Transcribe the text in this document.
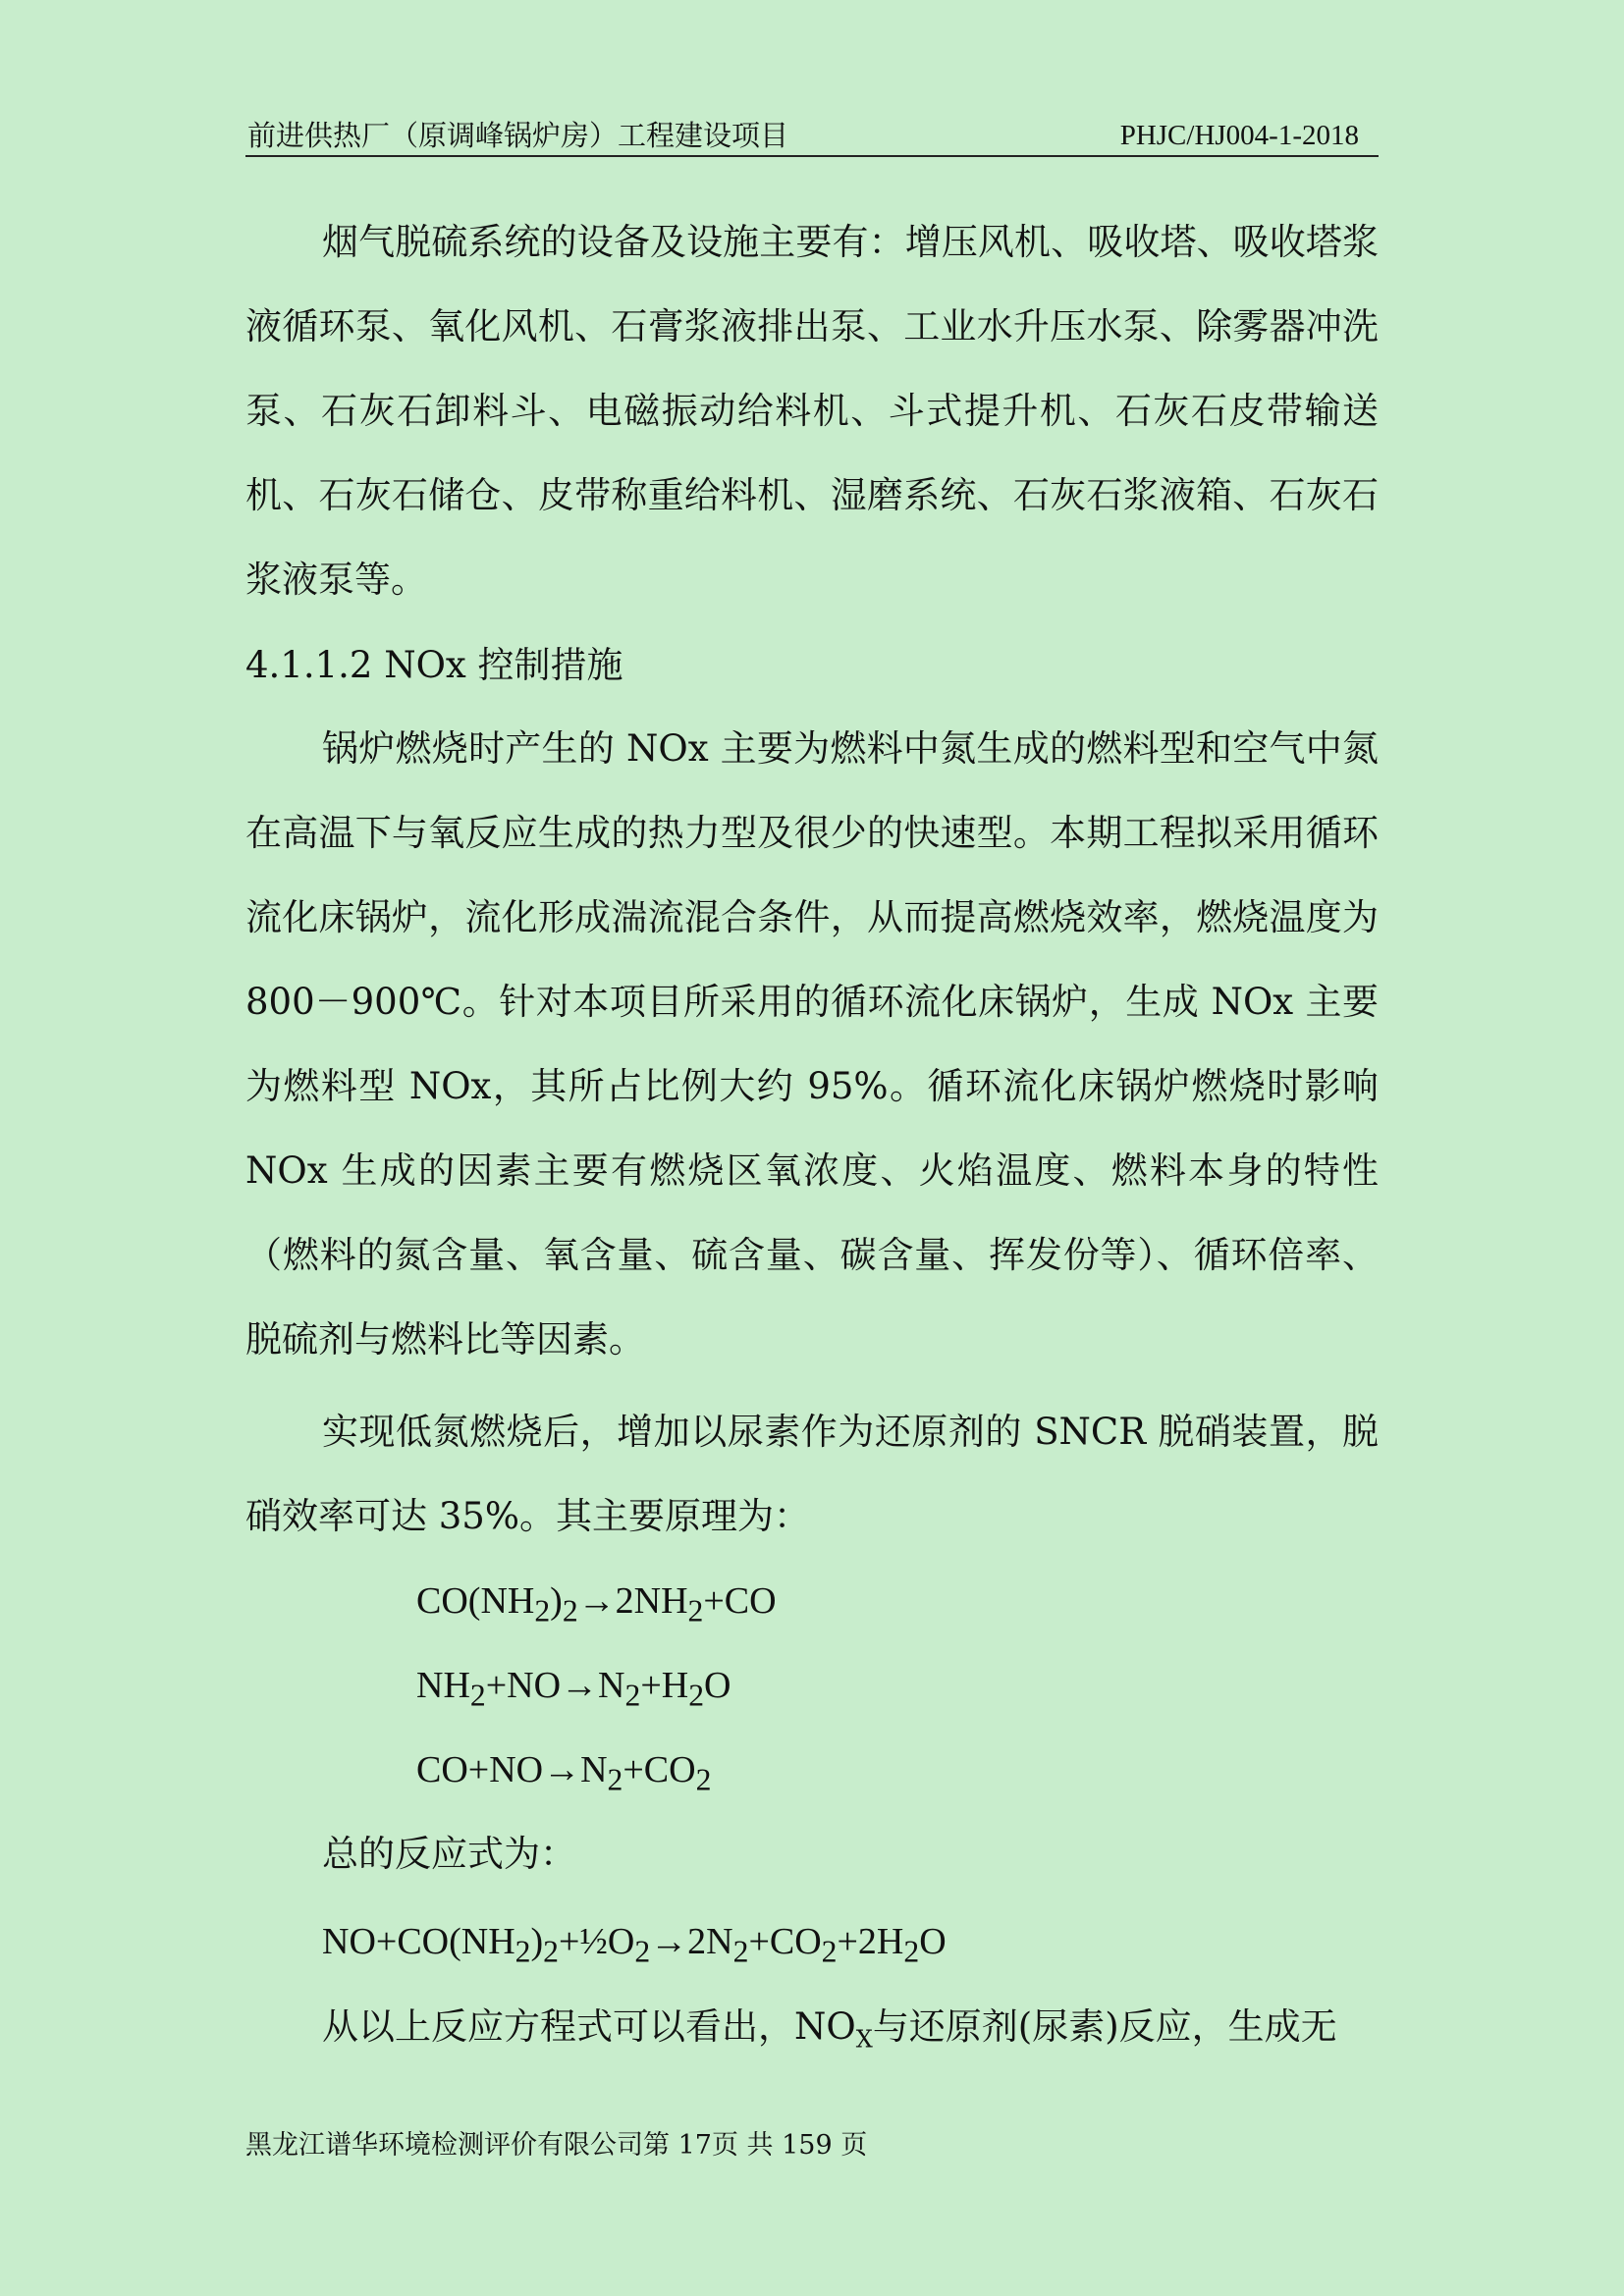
前进供热厂（原调峰锅炉房）工程建设项目	PHJC/HJ004-1-2018

烟气脱硫系统的设备及设施主要有：增压风机、吸收塔、吸收塔浆液循环泵、氧化风机、石膏浆液排出泵、工业水升压水泵、除雾器冲洗泵、石灰石卸料斗、电磁振动给料机、斗式提升机、石灰石皮带输送机、石灰石储仓、皮带称重给料机、湿磨系统、石灰石浆液箱、石灰石浆液泵等。

4.1.1.2 NOx 控制措施

锅炉燃烧时产生的 NOx 主要为燃料中氮生成的燃料型和空气中氮在高温下与氧反应生成的热力型及很少的快速型。本期工程拟采用循环流化床锅炉，流化形成湍流混合条件，从而提高燃烧效率，燃烧温度为 800－900℃。针对本项目所采用的循环流化床锅炉，生成 NOx 主要为燃料型 NOx，其所占比例大约 95%。循环流化床锅炉燃烧时影响 NOx 生成的因素主要有燃烧区氧浓度、火焰温度、燃料本身的特性（燃料的氮含量、氧含量、硫含量、碳含量、挥发份等）、循环倍率、脱硫剂与燃料比等因素。

实现低氮燃烧后，增加以尿素作为还原剂的 SNCR 脱硝装置，脱硝效率可达 35%。其主要原理为：

$CO(NH_2)_2\to 2NH_2+CO$

$NH_2+NO\to N_2+H_2O$

$CO+NO\to N_2+CO_2$

总的反应式为：

$NO+CO(NH_2)_2+\frac{1}{2}O_2\to 2N_2+CO_2+2H_2O$

从以上反应方程式可以看出，$NO_X$与还原剂(尿素)反应，生成无

黑龙江谱华环境检测评价有限公司第 17页 共 159 页
